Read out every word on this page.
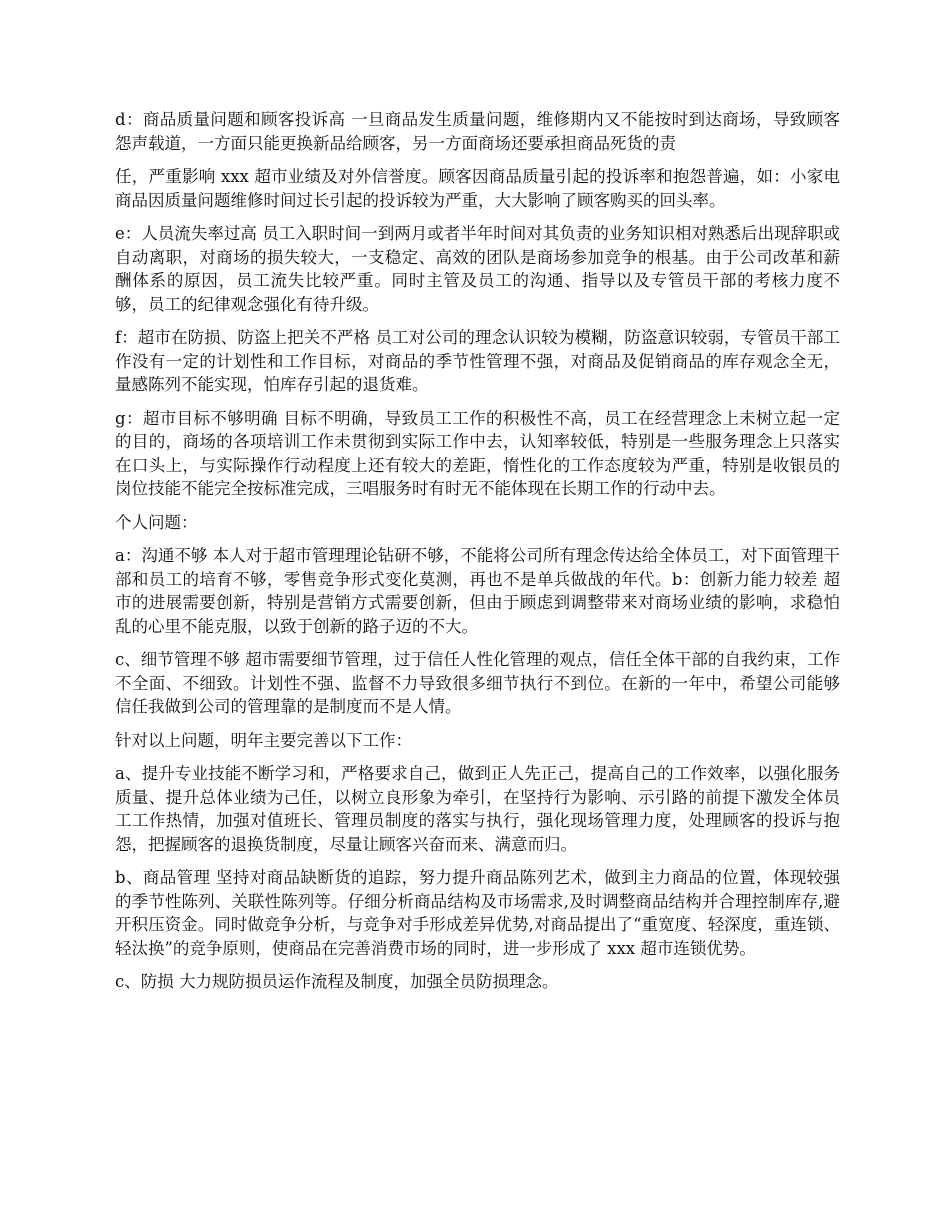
d：商品质量问题和顾客投诉高 一旦商品发生质量问题，维修期内又不能按时到达商场，导致顾客怨声载道，一方面只能更换新品给顾客，另一方面商场还要承担商品死货的责

任，严重影响 xxx 超市业绩及对外信誉度。顾客因商品质量引起的投诉率和抱怨普遍，如：小家电商品因质量问题维修时间过长引起的投诉较为严重，大大影响了顾客购买的回头率。

e：人员流失率过高 员工入职时间一到两月或者半年时间对其负责的业务知识相对熟悉后出现辞职或自动离职，对商场的损失较大，一支稳定、高效的团队是商场参加竞争的根基。由于公司改革和薪酬体系的原因，员工流失比较严重。同时主管及员工的沟通、指导以及专管员干部的考核力度不够，员工的纪律观念强化有待升级。

f：超市在防损、防盗上把关不严格 员工对公司的理念认识较为模糊，防盗意识较弱，专管员干部工作没有一定的计划性和工作目标，对商品的季节性管理不强，对商品及促销商品的库存观念全无，量感陈列不能实现，怕库存引起的退货难。

g：超市目标不够明确 目标不明确，导致员工工作的积极性不高，员工在经营理念上未树立起一定的目的，商场的各项培训工作未贯彻到实际工作中去，认知率较低，特别是一些服务理念上只落实在口头上，与实际操作行动程度上还有较大的差距，惰性化的工作态度较为严重，特别是收银员的岗位技能不能完全按标准完成，三唱服务时有时无不能体现在长期工作的行动中去。

个人问题：

a：沟通不够 本人对于超市管理理论钻研不够，不能将公司所有理念传达给全体员工，对下面管理干部和员工的培育不够，零售竞争形式变化莫测，再也不是单兵做战的年代。b：创新力能力较差 超市的进展需要创新，特别是营销方式需要创新，但由于顾虑到调整带来对商场业绩的影响，求稳怕乱的心里不能克服，以致于创新的路子迈的不大。

c、细节管理不够 超市需要细节管理，过于信任人性化管理的观点，信任全体干部的自我约束，工作不全面、不细致。计划性不强、监督不力导致很多细节执行不到位。在新的一年中，希望公司能够信任我做到公司的管理靠的是制度而不是人情。

针对以上问题，明年主要完善以下工作：

a、提升专业技能不断学习和，严格要求自己，做到正人先正己，提高自己的工作效率，以强化服务质量、提升总体业绩为己任，以树立良形象为牵引，在坚持行为影响、示引路的前提下激发全体员工工作热情，加强对值班长、管理员制度的落实与执行，强化现场管理力度，处理顾客的投诉与抱怨，把握顾客的退换货制度，尽量让顾客兴奋而来、满意而归。

b、商品管理 坚持对商品缺断货的追踪，努力提升商品陈列艺术，做到主力商品的位置，体现较强的季节性陈列、关联性陈列等。仔细分析商品结构及市场需求,及时调整商品结构并合理控制库存,避开积压资金。同时做竞争分析，与竞争对手形成差异优势,对商品提出了“重宽度、轻深度，重连锁、轻汰换”的竞争原则，使商品在完善消费市场的同时，进一步形成了 xxx 超市连锁优势。

c、防损 大力规防损员运作流程及制度，加强全员防损理念。
